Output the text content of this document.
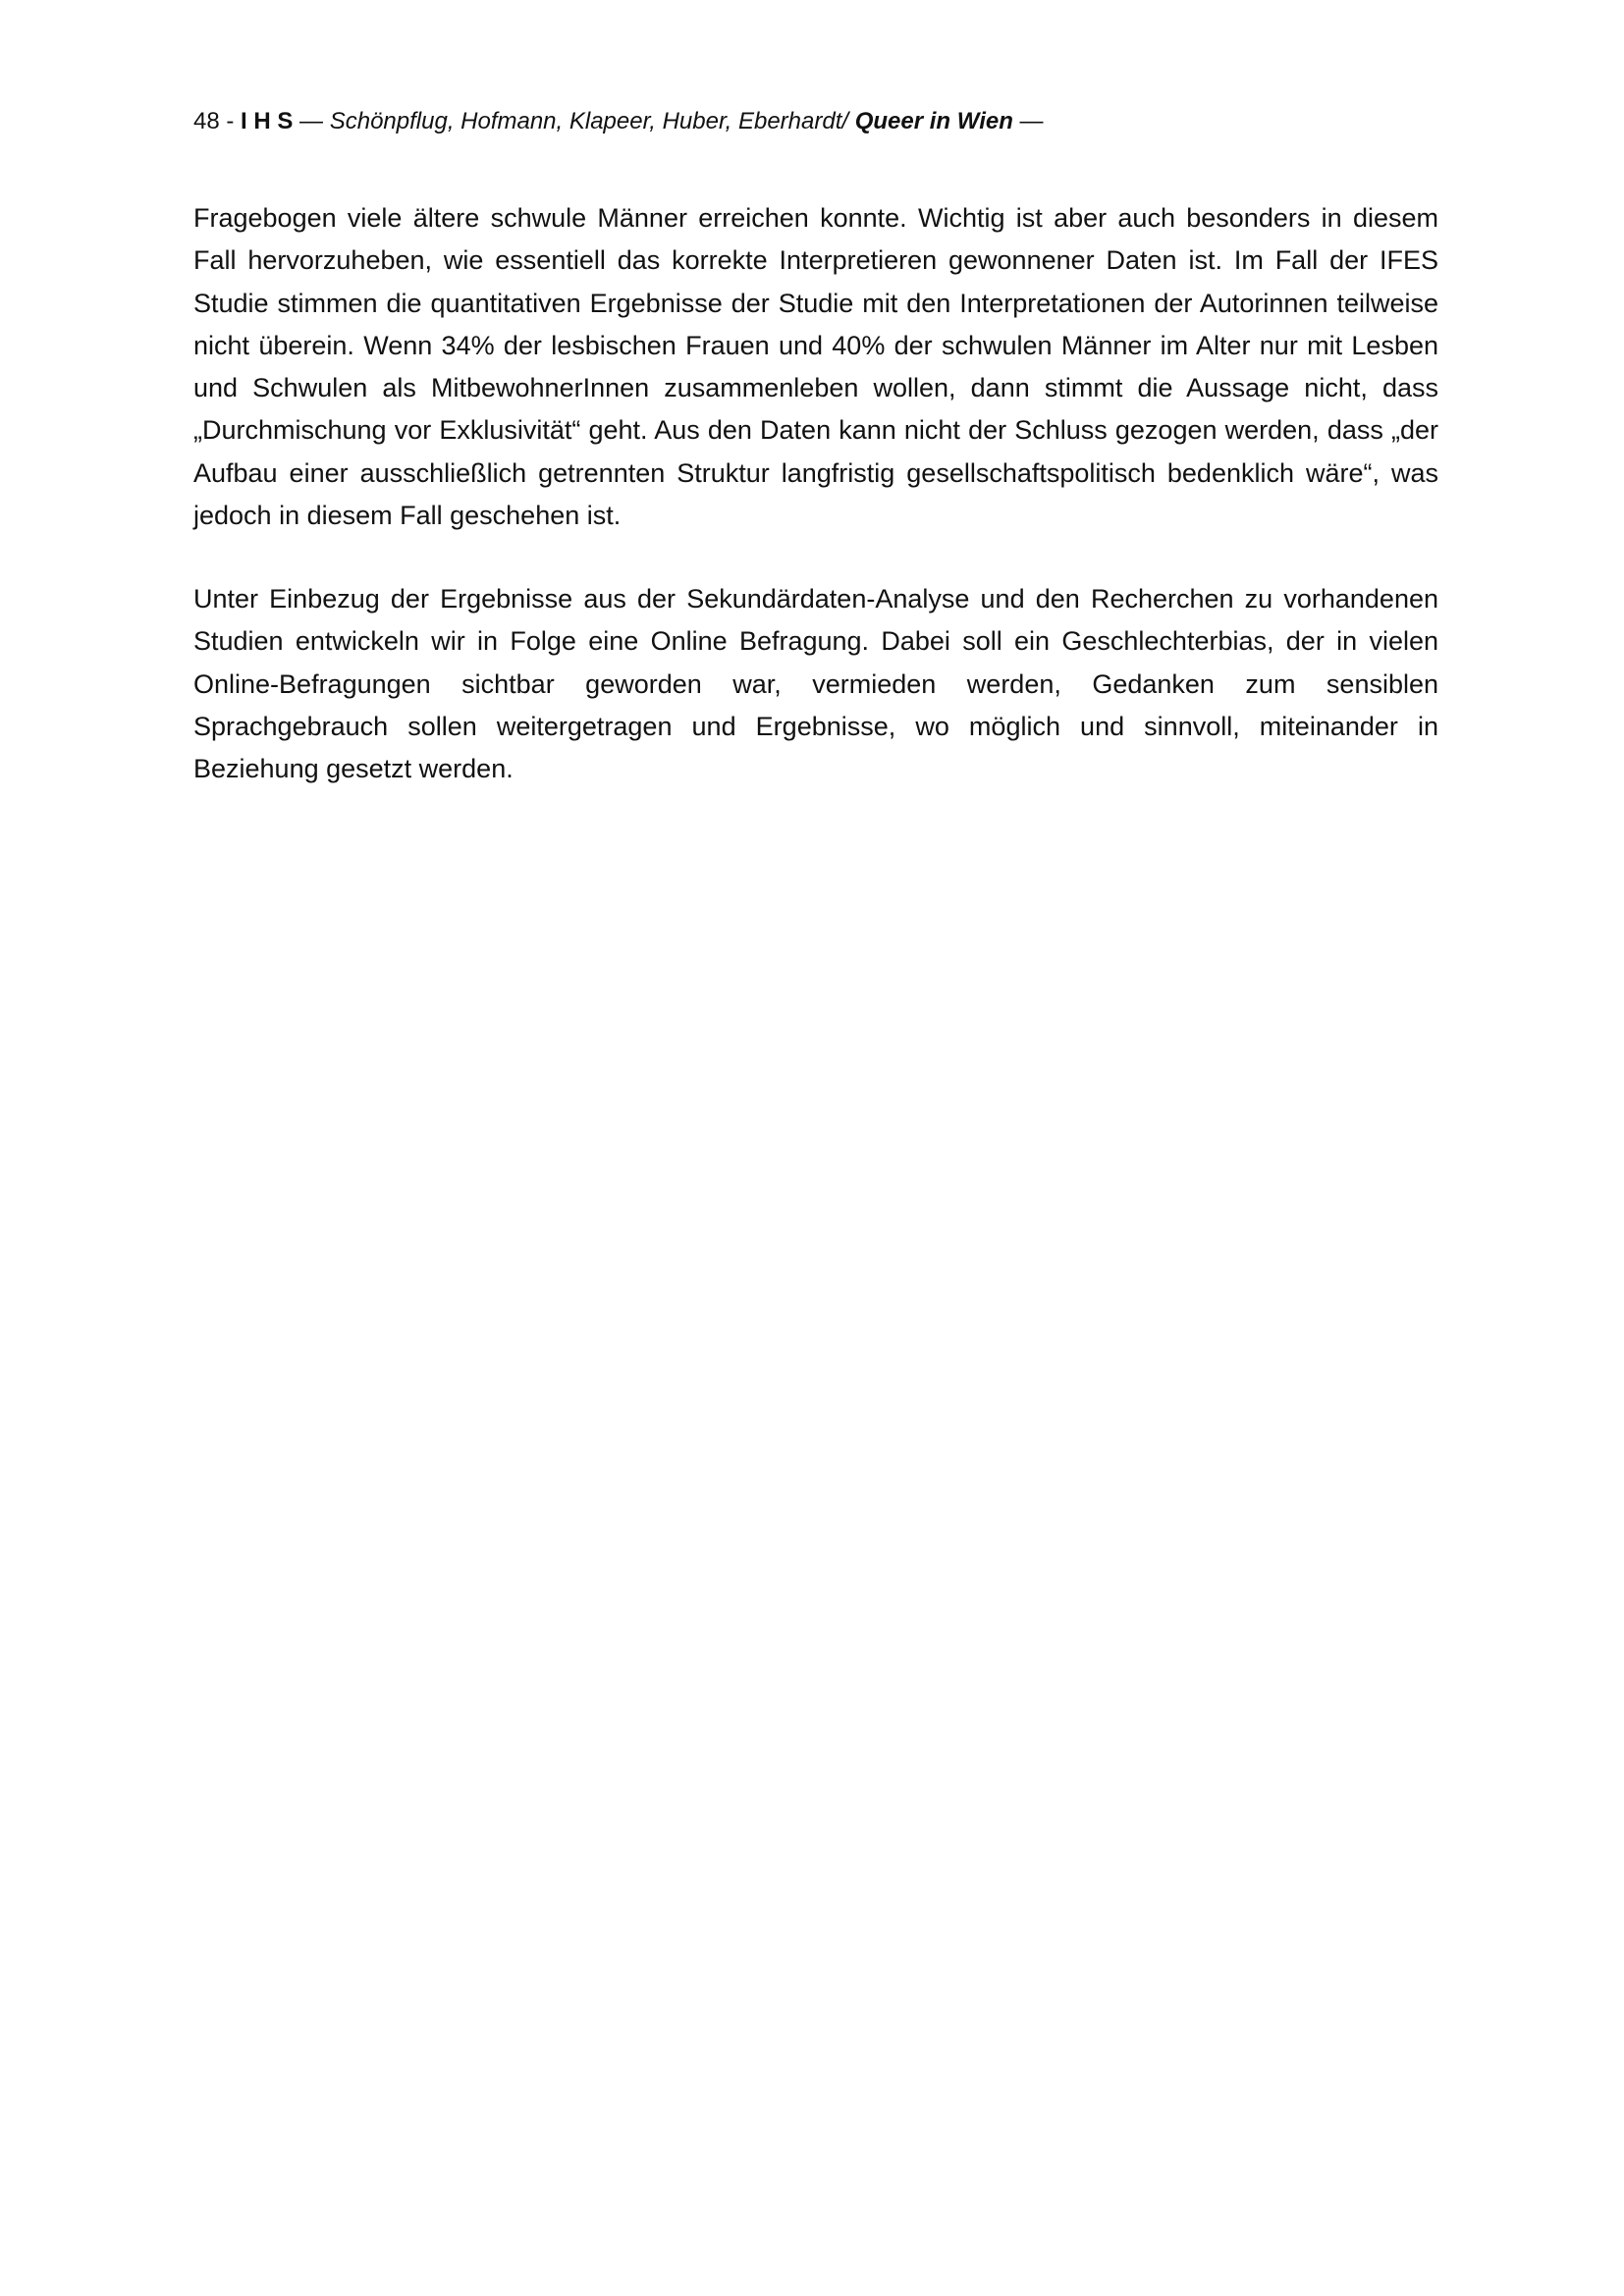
48 - I H S — Schönpflug, Hofmann, Klapeer, Huber, Eberhardt/ Queer in Wien —

Fragebogen viele ältere schwule Männer erreichen konnte. Wichtig ist aber auch besonders in diesem Fall hervorzuheben, wie essentiell das korrekte Interpretieren gewonnener Daten ist. Im Fall der IFES Studie stimmen die quantitativen Ergebnisse der Studie mit den Interpretationen der Autorinnen teilweise nicht überein. Wenn 34% der lesbischen Frauen und 40% der schwulen Männer im Alter nur mit Lesben und Schwulen als MitbewohnerInnen zusammenleben wollen, dann stimmt die Aussage nicht, dass „Durchmischung vor Exklusivität“ geht. Aus den Daten kann nicht der Schluss gezogen werden, dass „der Aufbau einer ausschließlich getrennten Struktur langfristig gesellschaftspolitisch bedenklich wäre“, was jedoch in diesem Fall geschehen ist.

Unter Einbezug der Ergebnisse aus der Sekundärdaten-Analyse und den Recherchen zu vorhandenen Studien entwickeln wir in Folge eine Online Befragung. Dabei soll ein Geschlechterbias, der in vielen Online-Befragungen sichtbar geworden war, vermieden werden, Gedanken zum sensiblen Sprachgebrauch sollen weitergetragen und Ergebnisse, wo möglich und sinnvoll, miteinander in Beziehung gesetzt werden.
